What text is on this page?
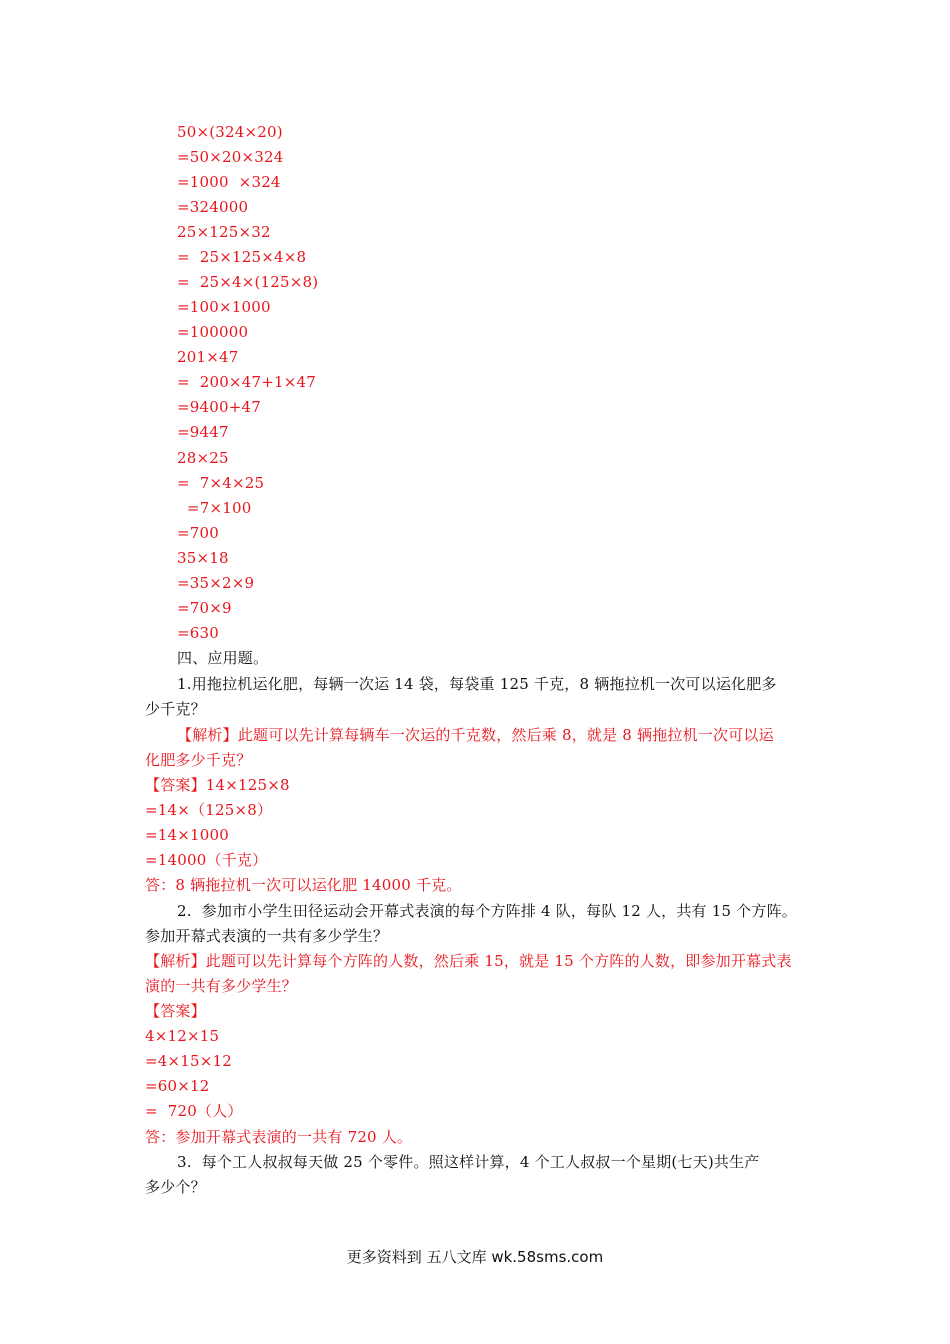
50×(324×20)
=50×20×324
=1000  ×324
=324000
25×125×32
=  25×125×4×8
=  25×4×(125×8)
=100×1000
=100000
201×47
=  200×47+1×47
=9400+47
=9447
28×25
=  7×4×25
=7×100
=700
35×18
=35×2×9
=70×9
=630
四、应用题。
1.用拖拉机运化肥，每辆一次运 14 袋，每袋重 125 千克，8 辆拖拉机一次可以运化肥多
少千克？
【解析】此题可以先计算每辆车一次运的千克数，然后乘 8，就是 8 辆拖拉机一次可以运
化肥多少千克？
【答案】14×125×8
=14×（125×8）
=14×1000
=14000（千克）
答：8 辆拖拉机一次可以运化肥 14000 千克。
2.  参加市小学生田径运动会开幕式表演的每个方阵排 4 队，每队 12 人，共有 15 个方阵。
参加开幕式表演的一共有多少学生？
【解析】此题可以先计算每个方阵的人数，然后乘 15，就是 15 个方阵的人数，即参加开幕式表
演的一共有多少学生？
【答案】
4×12×15
=4×15×12
=60×12
=  720（人）
答：参加开幕式表演的一共有 720 人。
3.  每个工人叔叔每天做 25 个零件。照这样计算，4 个工人叔叔一个星期(七天)共生产
多少个？
更多资料到 五八文库 wk.58sms.com
